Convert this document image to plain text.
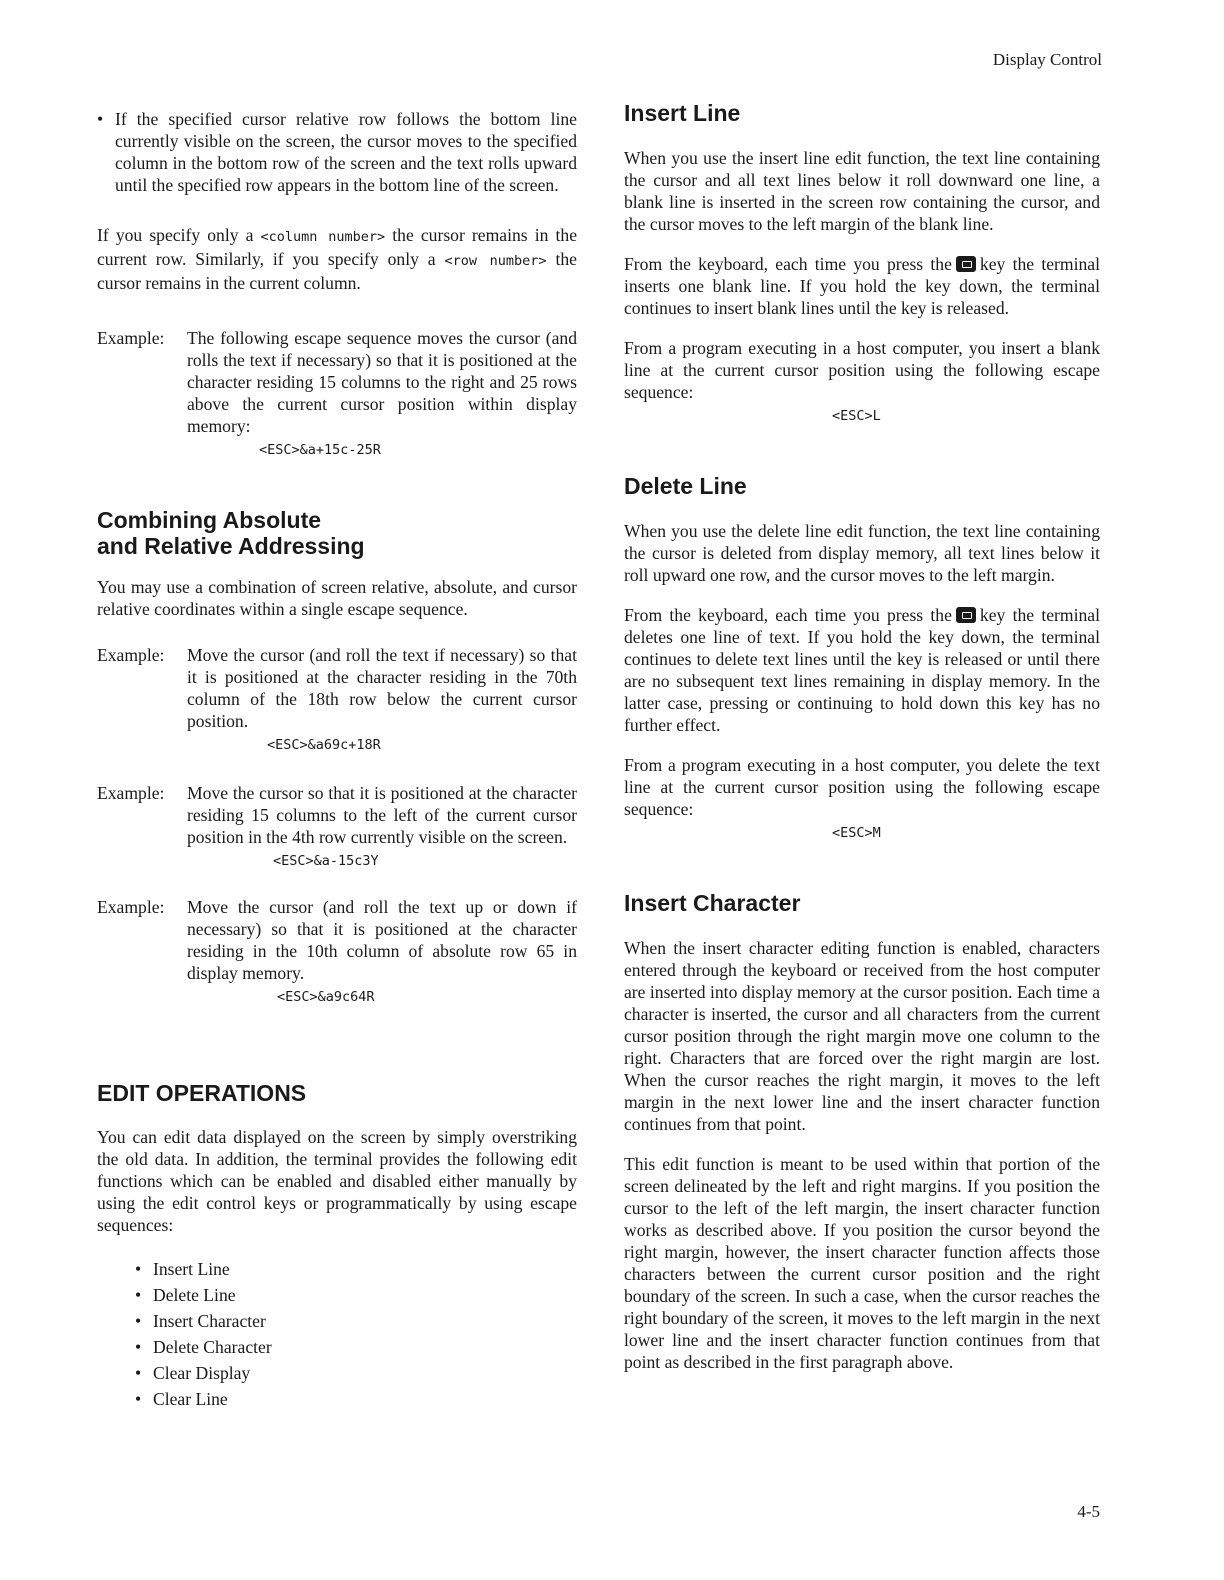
Display Control
• If the specified cursor relative row follows the bottom line currently visible on the screen, the cursor moves to the specified column in the bottom row of the screen and the text rolls upward until the specified row appears in the bottom line of the screen.

If you specify only a <column number> the cursor remains in the current row. Similarly, if you specify only a <row number> the cursor remains in the current column.

Example:	The following escape sequence moves the cursor (and rolls the text if necessary) so that it is positioned at the character residing 15 columns to the right and 25 rows above the current cursor position within display memory:
<ESC>&a+15c-25R
Combining Absolute
and Relative Addressing

You may use a combination of screen relative, absolute, and cursor relative coordinates within a single escape sequence.

Example:	Move the cursor (and roll the text if necessary) so that it is positioned at the character residing in the 70th column of the 18th row below the current cursor position.
<ESC>&a69c+18R
Example:	Move the cursor so that it is positioned at the character residing 15 columns to the left of the current cursor position in the 4th row currently visible on the screen.
<ESC>&a-15c3Y
Example:	Move the cursor (and roll the text up or down if necessary) so that it is positioned at the character residing in the 10th column of absolute row 65 in display memory.
<ESC>&a9c64R
EDIT OPERATIONS

You can edit data displayed on the screen by simply overstriking the old data. In addition, the terminal provides the following edit functions which can be enabled and disabled either manually by using the edit control keys or programmatically by using escape sequences:

• Insert Line
• Delete Line
• Insert Character
• Delete Character
• Clear Display
• Clear Line
Insert Line

When you use the insert line edit function, the text line containing the cursor and all text lines below it roll downward one line, a blank line is inserted in the screen row containing the cursor, and the cursor moves to the left margin of the blank line.

From the keyboard, each time you press the key the terminal inserts one blank line. If you hold the key down, the terminal continues to insert blank lines until the key is released.

From a program executing in a host computer, you insert a blank line at the current cursor position using the following escape sequence:

<ESC>L
Delete Line

When you use the delete line edit function, the text line containing the cursor is deleted from display memory, all text lines below it roll upward one row, and the cursor moves to the left margin.

From the keyboard, each time you press the key the terminal deletes one line of text. If you hold the key down, the terminal continues to delete text lines until the key is released or until there are no subsequent text lines remaining in display memory. In the latter case, pressing or continuing to hold down this key has no further effect.

From a program executing in a host computer, you delete the text line at the current cursor position using the following escape sequence:

<ESC>M
Insert Character

When the insert character editing function is enabled, characters entered through the keyboard or received from the host computer are inserted into display memory at the cursor position. Each time a character is inserted, the cursor and all characters from the current cursor position through the right margin move one column to the right. Characters that are forced over the right margin are lost. When the cursor reaches the right margin, it moves to the left margin in the next lower line and the insert character function continues from that point.

This edit function is meant to be used within that portion of the screen delineated by the left and right margins. If you position the cursor to the left of the left margin, the insert character function works as described above. If you position the cursor beyond the right margin, however, the insert character function affects those characters between the current cursor position and the right boundary of the screen. In such a case, when the cursor reaches the right boundary of the screen, it moves to the left margin in the next lower line and the insert character function continues from that point as described in the first paragraph above.

4-5
